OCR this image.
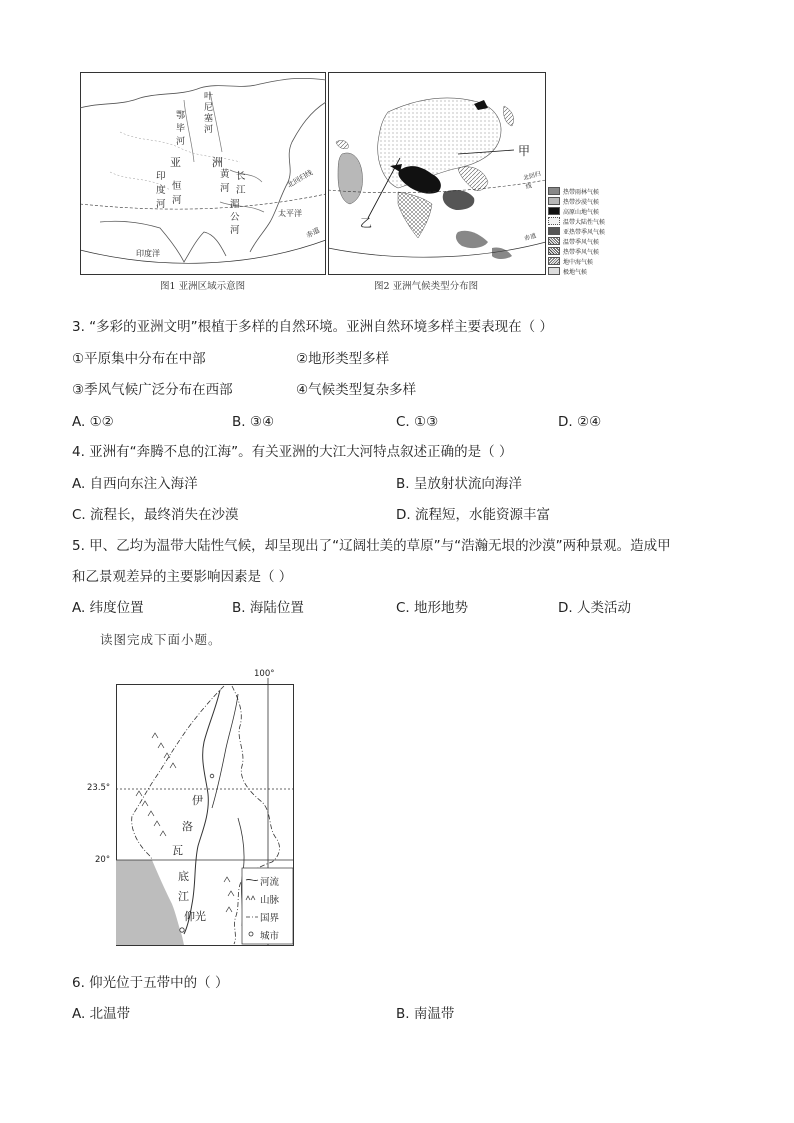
叶
尼
塞
河
鄂
毕
河
亚	洲
恒
河
印
度
河
黄
河
长
江
湄
公
河
北回归线
太平洋
印度洋
赤道
图1 亚洲区域示意图
甲
乙
北回归线
赤道
热带雨林气候
热带沙漠气候
高原山地气候
温带大陆性气候
亚热带季风气候
温带季风气候
热带季风气候
地中海气候
极地气候
图2 亚洲气候类型分布图
3. “多彩的亚洲文明”根植于多样的自然环境。亚洲自然环境多样主要表现在（ ）
①平原集中分布在中部	②地形类型多样
③季风气候广泛分布在西部	④气候类型复杂多样
A. ①②	B. ③④	C. ①③	D. ②④
4. 亚洲有“奔腾不息的江海”。有关亚洲的大江大河特点叙述正确的是（ ）
A. 自西向东注入海洋	B. 呈放射状流向海洋
C. 流程长，最终消失在沙漠	D. 流程短，水能资源丰富
5. 甲、乙均为温带大陆性气候，却呈现出了“辽阔壮美的草原”与“浩瀚无垠的沙漠”两种景观。造成甲
和乙景观差异的主要影响因素是（ ）
A. 纬度位置	B. 海陆位置	C. 地形地势	D. 人类活动
读图完成下面小题。
100°
23.5°
20°
伊
洛
瓦
底
江
仰光
河流
山脉
国界
城市
6. 仰光位于五带中的（ ）
A. 北温带	B. 南温带
